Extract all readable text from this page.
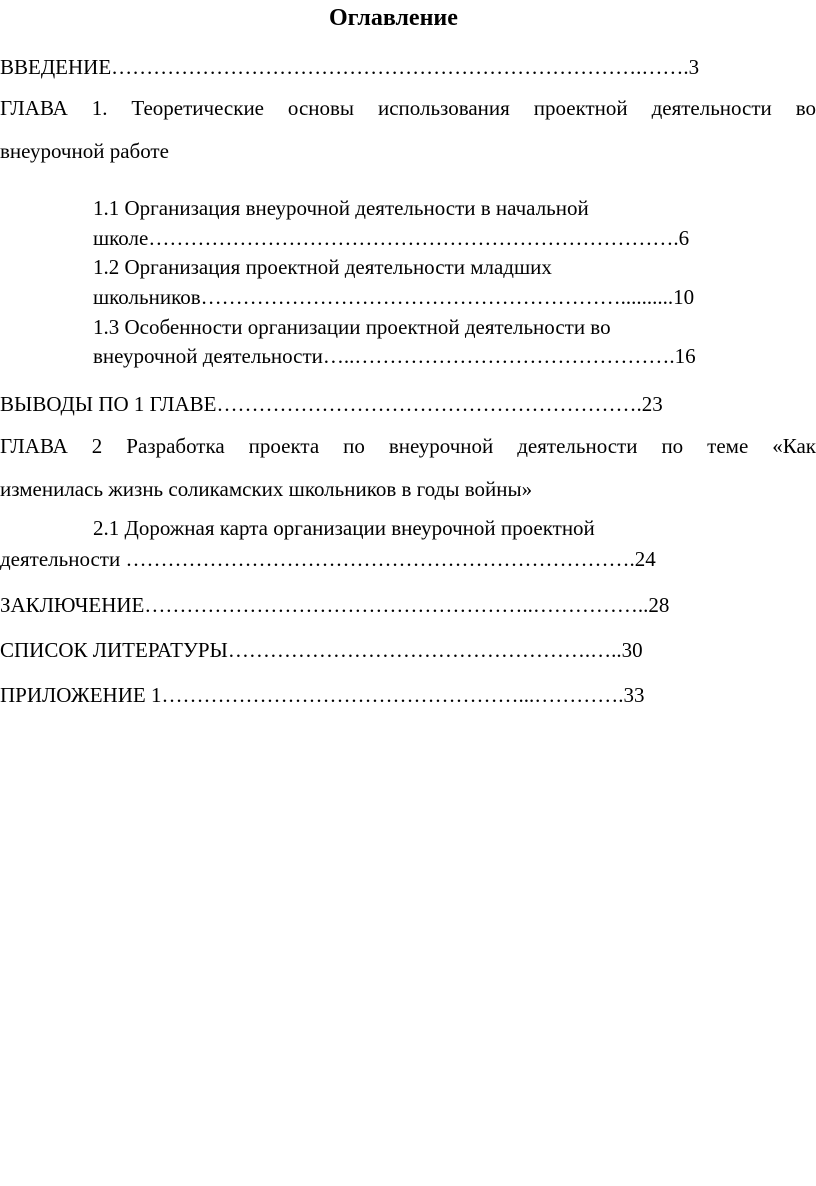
Оглавление
ВВЕДЕНИЕ………………………………………………………………….…….3
ГЛАВА 1. Теоретические основы использования проектной деятельности во
внеурочной работе
1.1 Организация внеурочной деятельности в начальной
школе………………………………………………………………….6
1.2 Организация проектной деятельности младших
школьников……………………………………………………..........10
1.3 Особенности организации проектной деятельности во
внеурочной деятельности…..……………………………………….16
ВЫВОДЫ ПО 1 ГЛАВЕ…………………………………………………….23
ГЛАВА 2 Разработка проекта по внеурочной деятельности по теме «Как
изменилась жизнь соликамских школьников в годы войны»
2.1 Дорожная карта организации внеурочной проектной
деятельности ……………………………………………………………….24
ЗАКЛЮЧЕНИЕ………………………………………………..……………..28
СПИСОК ЛИТЕРАТУРЫ…………………………………………….…..30
ПРИЛОЖЕНИЕ 1……………………………………………...………….33
